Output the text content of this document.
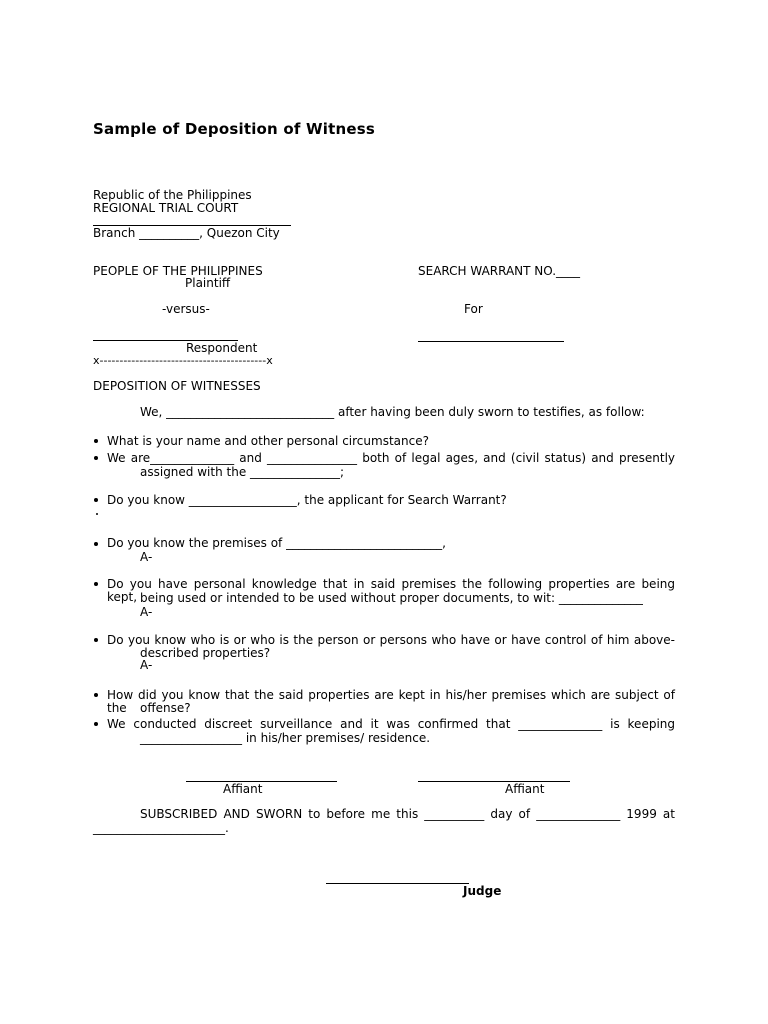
Sample of Deposition of Witness
Republic of the Philippines
REGIONAL TRIAL COURT
Branch __________, Quezon City
PEOPLE OF THE PHILIPPINES
Plaintiff
SEARCH WARRANT NO.____
-versus-	For
Respondent
x------------------------------------------x
DEPOSITION OF WITNESSES
We, ____________________________ after having been duly sworn to testifies, as follow:
What is your name and other personal circumstance?
We are______________ and _______________ both of legal ages, and (civil status) and presently
assigned with the _______________;
Do you know __________________, the applicant for Search Warrant?
Do you know the premises of __________________________,
A-
Do you have personal knowledge that in said premises the following properties are being kept, being used or intended to be used without proper documents, to wit: ______________
A-
Do you know who is or who is the person or persons who have or have control of him above-
described properties?
A-
How did you know that the said properties are kept in his/her premises which are subject of the	offense?
We conducted discreet surveillance and it was confirmed that ______________ is keeping
_________________ in his/her premises/ residence.
Affiant	Affiant
SUBSCRIBED AND SWORN to before me this __________ day of ______________ 1999 at
______________________.
Judge
